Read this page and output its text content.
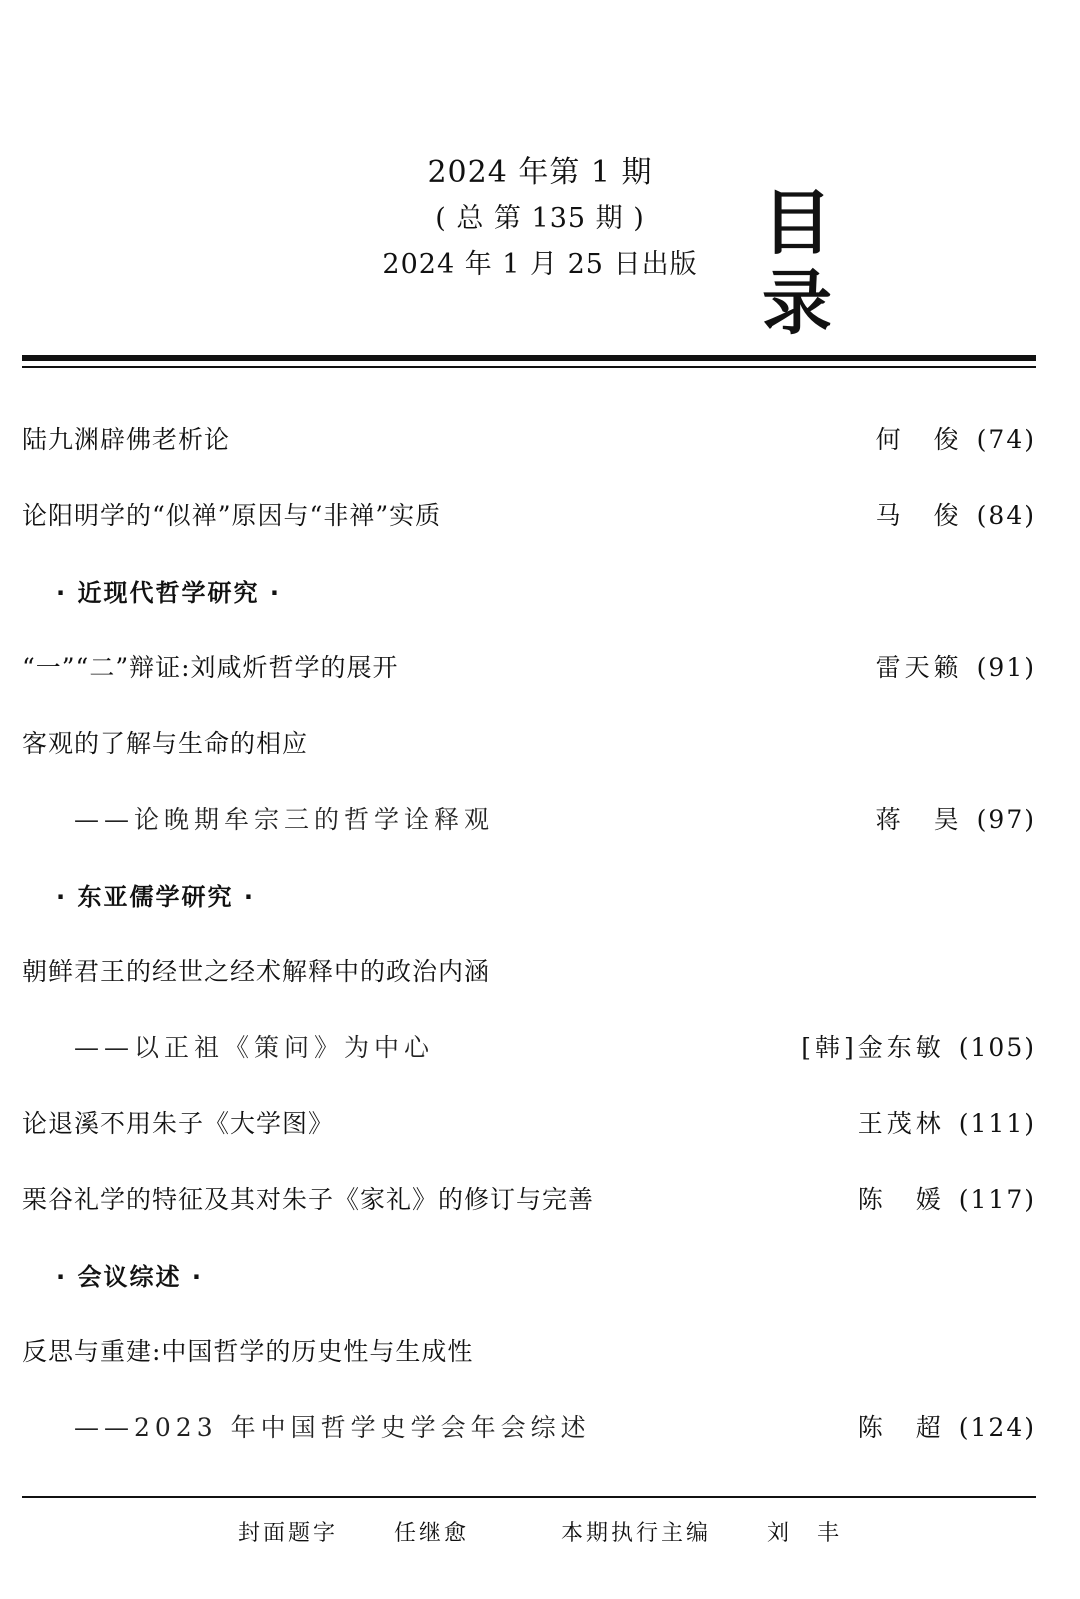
2024 年第 1 期
( 总 第 135 期 )
2024 年 1 月 25 日出版
目 录
陆九渊辟佛老析论	何　俊 (74)
论阳明学的“似禅”原因与“非禅”实质	马　俊 (84)
· 近现代哲学研究 ·
“一”“二”辩证:刘咸炘哲学的展开	雷天籁 (91)
客观的了解与生命的相应
——论晚期牟宗三的哲学诠释观	蒋　昊 (97)
· 东亚儒学研究 ·
朝鲜君王的经世之经术解释中的政治内涵
——以正祖《策问》为中心	[韩]金东敏 (105)
论退溪不用朱子《大学图》	王茂林 (111)
栗谷礼学的特征及其对朱子《家礼》的修订与完善	陈　媛 (117)
· 会议综述 ·
反思与重建:中国哲学的历史性与生成性
——2023 年中国哲学史学会年会综述	陈　超 (124)
封面题字	任继愈	本期执行主编	刘　丰
